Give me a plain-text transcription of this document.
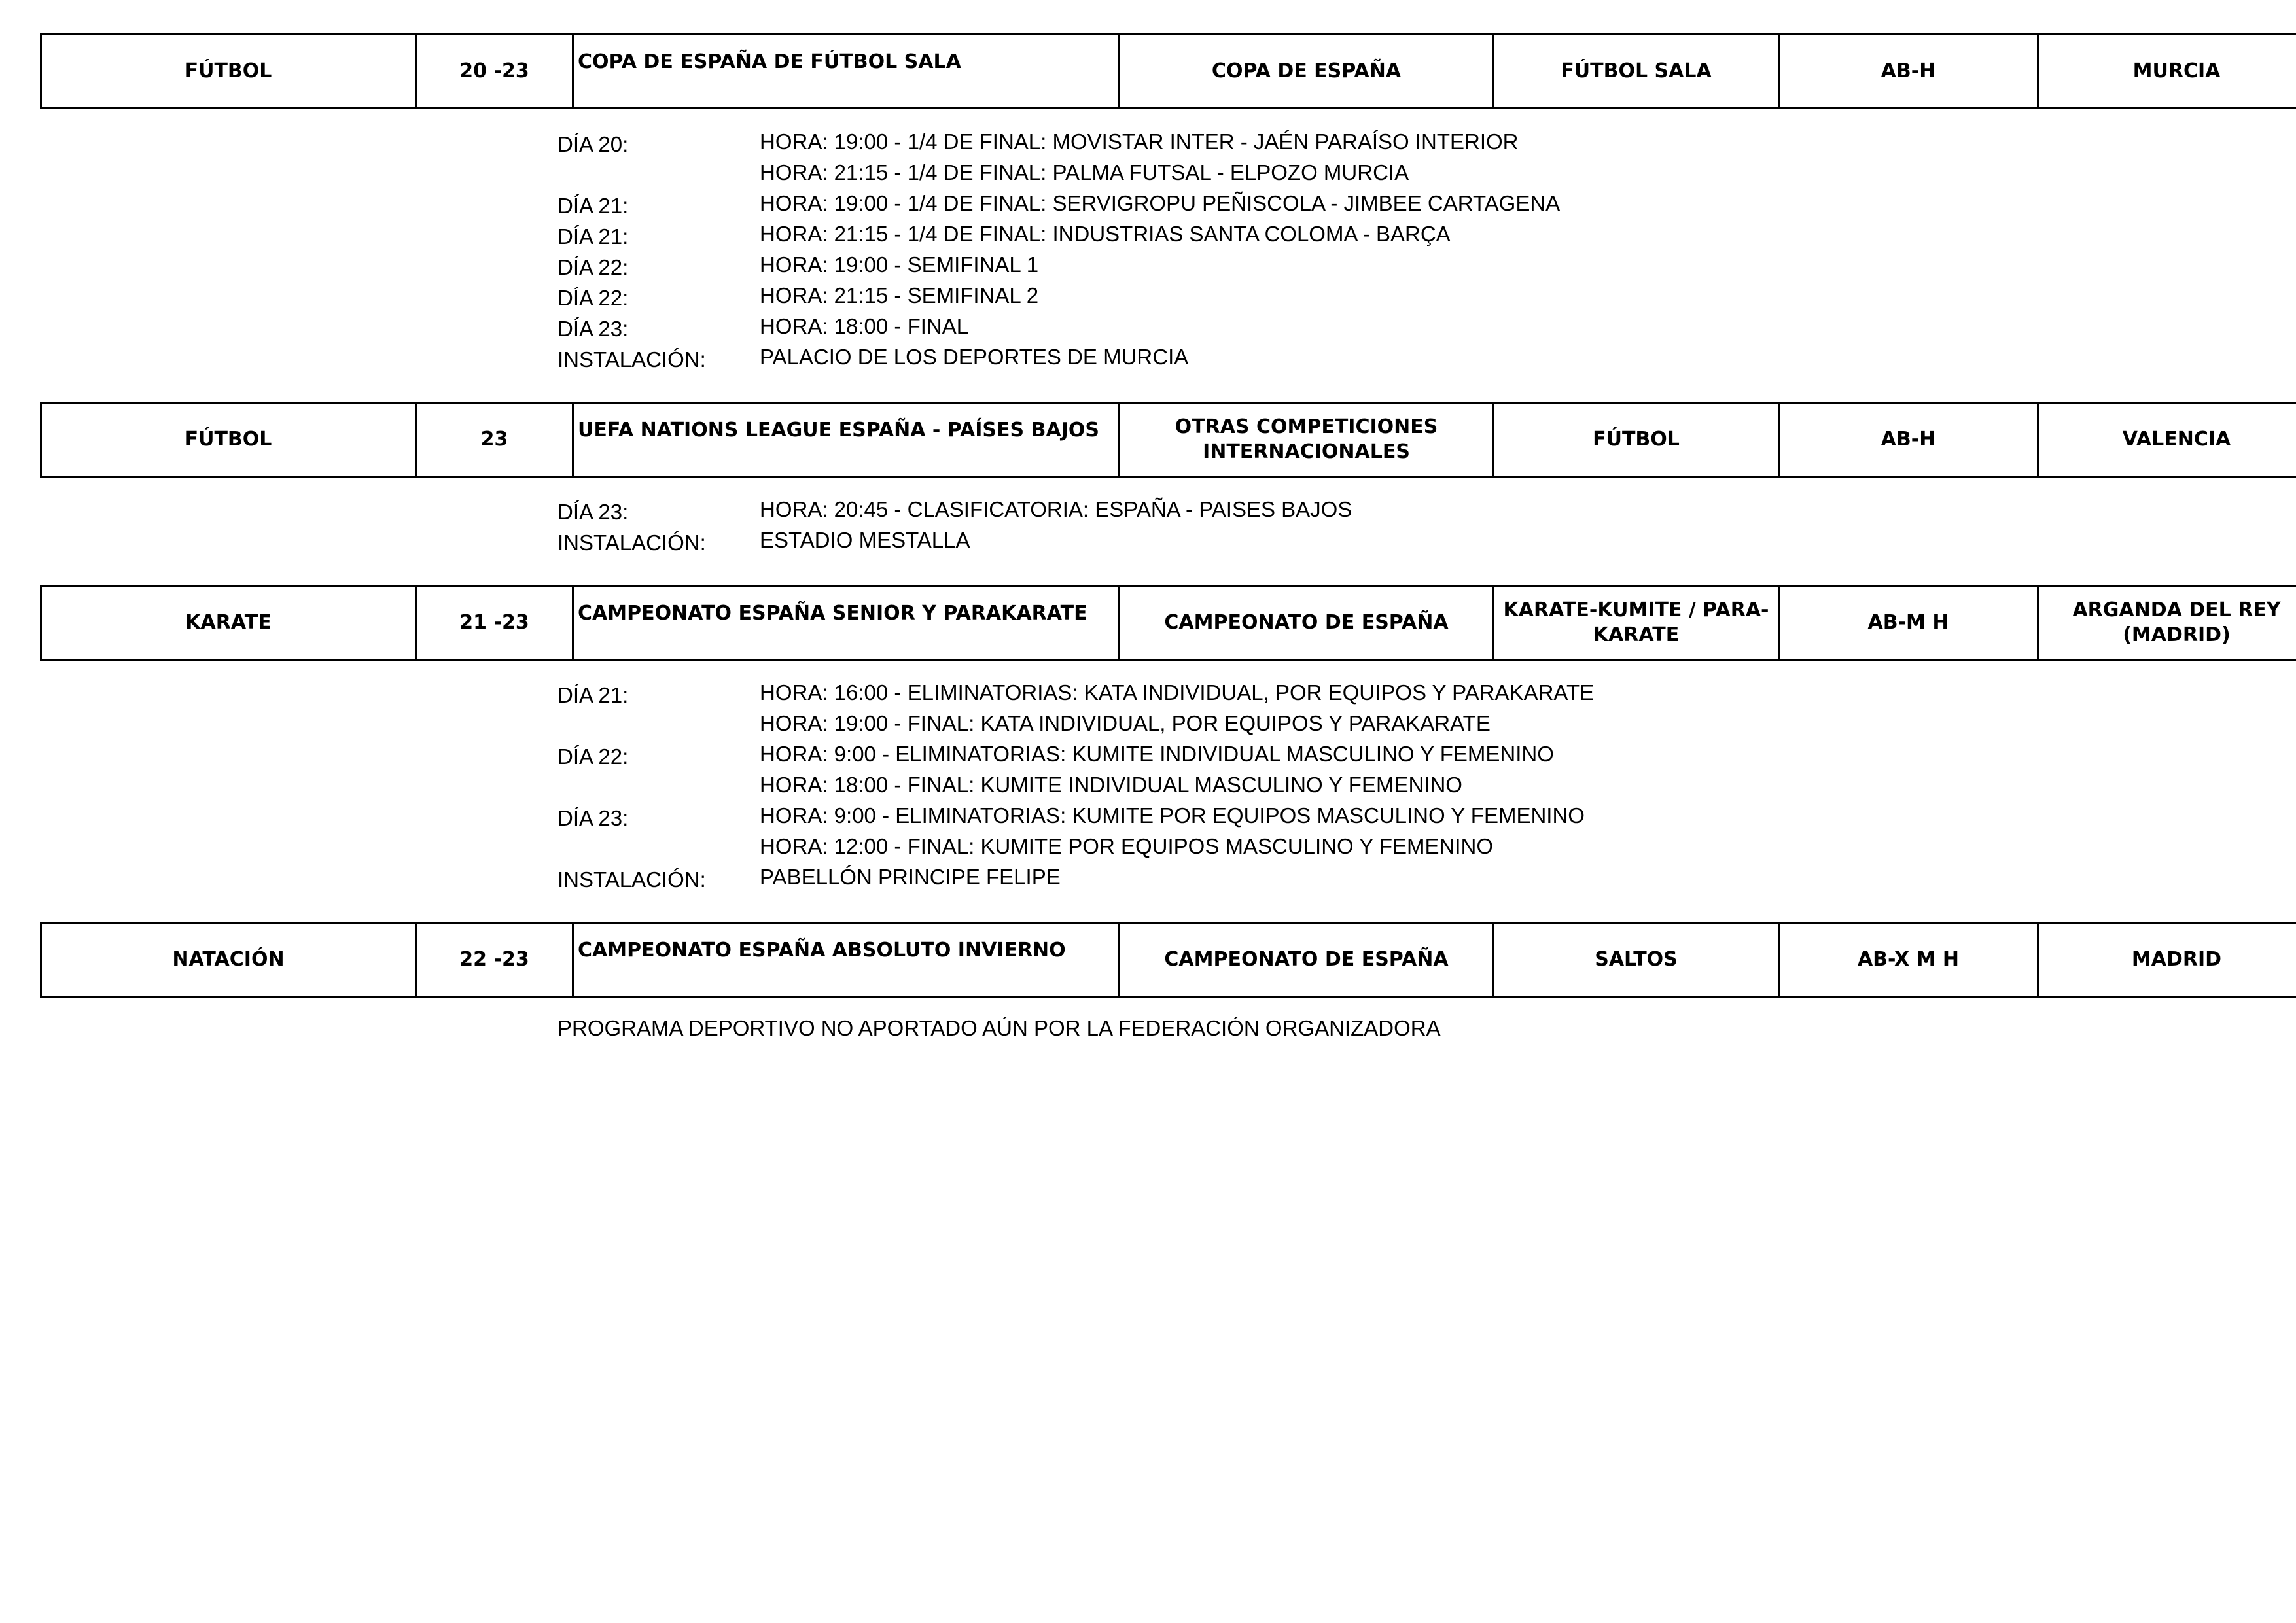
FÚTBOL	20 -23	COPA DE ESPAÑA DE FÚTBOL SALA	COPA DE ESPAÑA	FÚTBOL SALA	AB-H	MURCIA
DÍA 20:	HORA: 19:00 - 1/4 DE FINAL: MOVISTAR INTER - JAÉN PARAÍSO INTERIOR
HORA: 21:15 - 1/4 DE FINAL: PALMA FUTSAL - ELPOZO MURCIA
DÍA 21:	HORA: 19:00 - 1/4 DE FINAL: SERVIGROPU PEÑISCOLA - JIMBEE CARTAGENA
DÍA 21:	HORA: 21:15 - 1/4 DE FINAL: INDUSTRIAS SANTA COLOMA - BARÇA
DÍA 22:	HORA: 19:00 - SEMIFINAL 1
DÍA 22:	HORA: 21:15 - SEMIFINAL 2
DÍA 23:	HORA: 18:00 - FINAL
INSTALACIÓN: PALACIO DE LOS DEPORTES DE MURCIA
FÚTBOL	23	UEFA NATIONS LEAGUE ESPAÑA - PAÍSES BAJOS	OTRAS COMPETICIONES INTERNACIONALES	FÚTBOL	AB-H	VALENCIA
DÍA 23:	HORA: 20:45 - CLASIFICATORIA: ESPAÑA - PAISES BAJOS
INSTALACIÓN: ESTADIO MESTALLA
KARATE	21 -23	CAMPEONATO ESPAÑA SENIOR Y PARAKARATE	CAMPEONATO DE ESPAÑA	KARATE-KUMITE / PARA-KARATE	AB-M H	ARGANDA DEL REY (MADRID)
DÍA 21:	HORA: 16:00 - ELIMINATORIAS: KATA INDIVIDUAL, POR EQUIPOS Y PARAKARATE
HORA: 19:00 - FINAL: KATA INDIVIDUAL, POR EQUIPOS Y PARAKARATE
DÍA 22:	HORA: 9:00 - ELIMINATORIAS: KUMITE INDIVIDUAL MASCULINO Y FEMENINO
HORA: 18:00 - FINAL: KUMITE INDIVIDUAL MASCULINO Y FEMENINO
DÍA 23:	HORA: 9:00 - ELIMINATORIAS: KUMITE POR EQUIPOS MASCULINO Y FEMENINO
HORA: 12:00 - FINAL: KUMITE POR EQUIPOS MASCULINO Y FEMENINO
INSTALACIÓN: PABELLÓN PRINCIPE FELIPE
NATACIÓN	22 -23	CAMPEONATO ESPAÑA ABSOLUTO INVIERNO	CAMPEONATO DE ESPAÑA	SALTOS	AB-X M H	MADRID
PROGRAMA DEPORTIVO NO APORTADO AÚN POR LA FEDERACIÓN ORGANIZADORA
